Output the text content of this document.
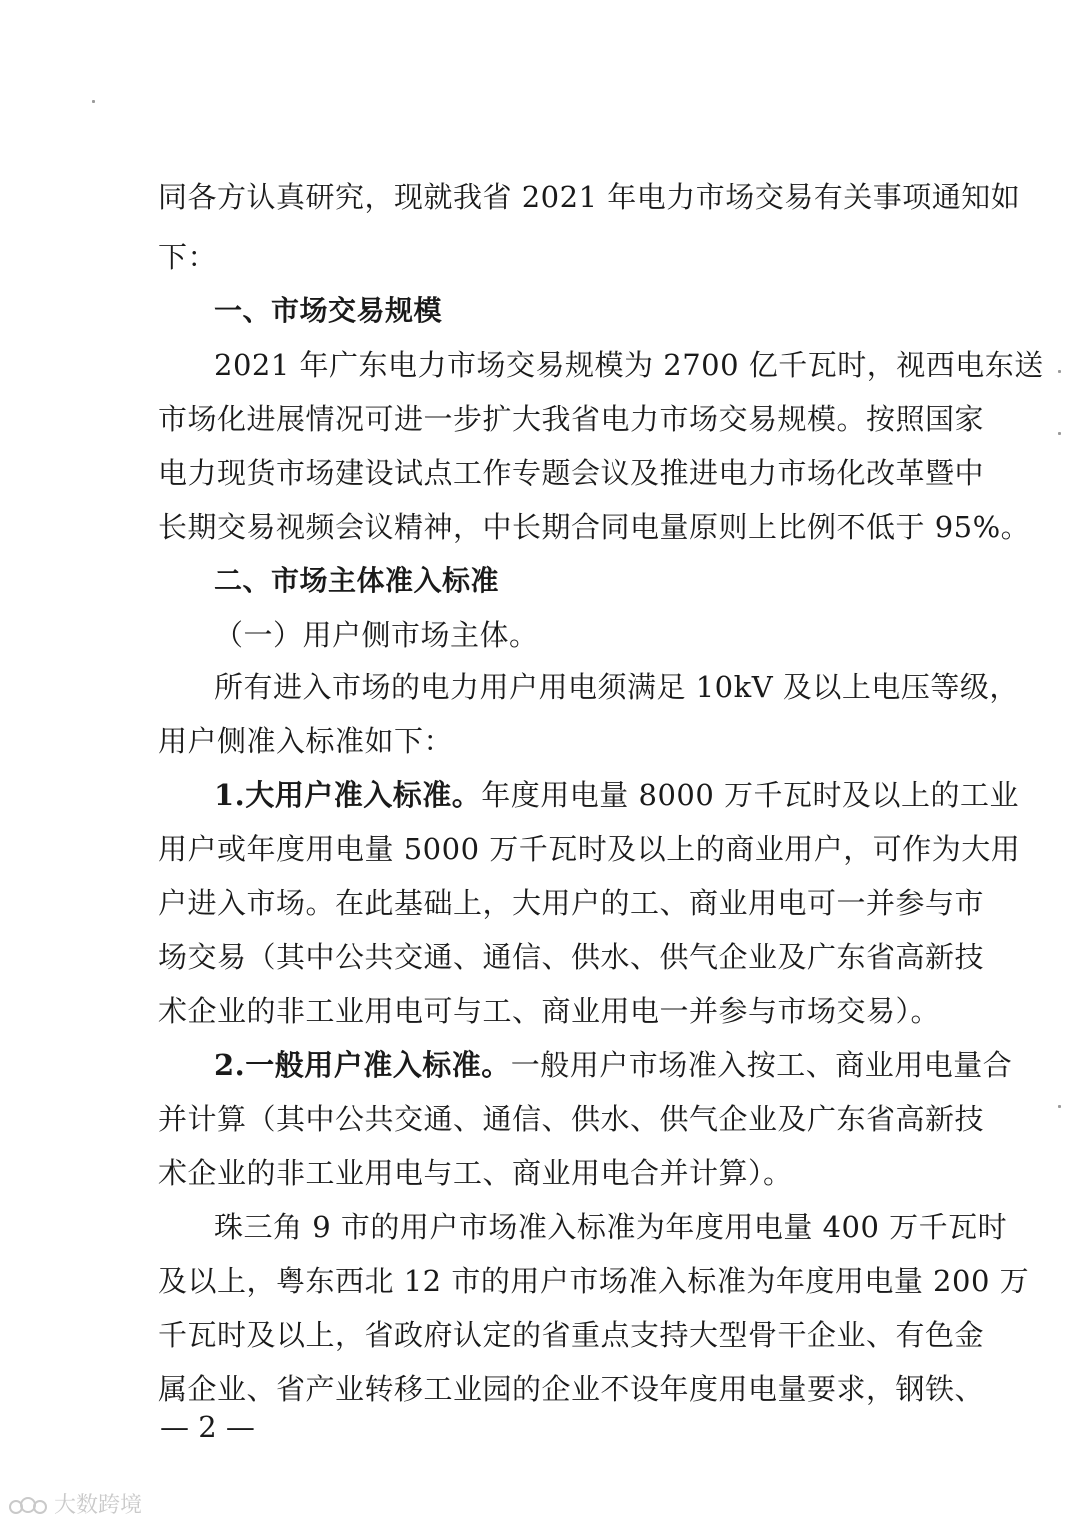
同各方认真研究，现就我省 2021 年电力市场交易有关事项通知如
下：
一、市场交易规模
2021 年广东电力市场交易规模为 2700 亿千瓦时，视西电东送
市场化进展情况可进一步扩大我省电力市场交易规模。按照国家
电力现货市场建设试点工作专题会议及推进电力市场化改革暨中
长期交易视频会议精神，中长期合同电量原则上比例不低于 95%。
二、市场主体准入标准
（一）用户侧市场主体。
所有进入市场的电力用户用电须满足 10kV 及以上电压等级，
用户侧准入标准如下：
1.大用户准入标准。年度用电量 8000 万千瓦时及以上的工业
用户或年度用电量 5000 万千瓦时及以上的商业用户，可作为大用
户进入市场。在此基础上，大用户的工、商业用电可一并参与市
场交易（其中公共交通、通信、供水、供气企业及广东省高新技
术企业的非工业用电可与工、商业用电一并参与市场交易）。
2.一般用户准入标准。一般用户市场准入按工、商业用电量合
并计算（其中公共交通、通信、供水、供气企业及广东省高新技
术企业的非工业用电与工、商业用电合并计算）。
珠三角 9 市的用户市场准入标准为年度用电量 400 万千瓦时
及以上，粤东西北 12 市的用户市场准入标准为年度用电量 200 万
千瓦时及以上，省政府认定的省重点支持大型骨干企业、有色金
属企业、省产业转移工业园的企业不设年度用电量要求，钢铁、
— 2 —
大数跨境
